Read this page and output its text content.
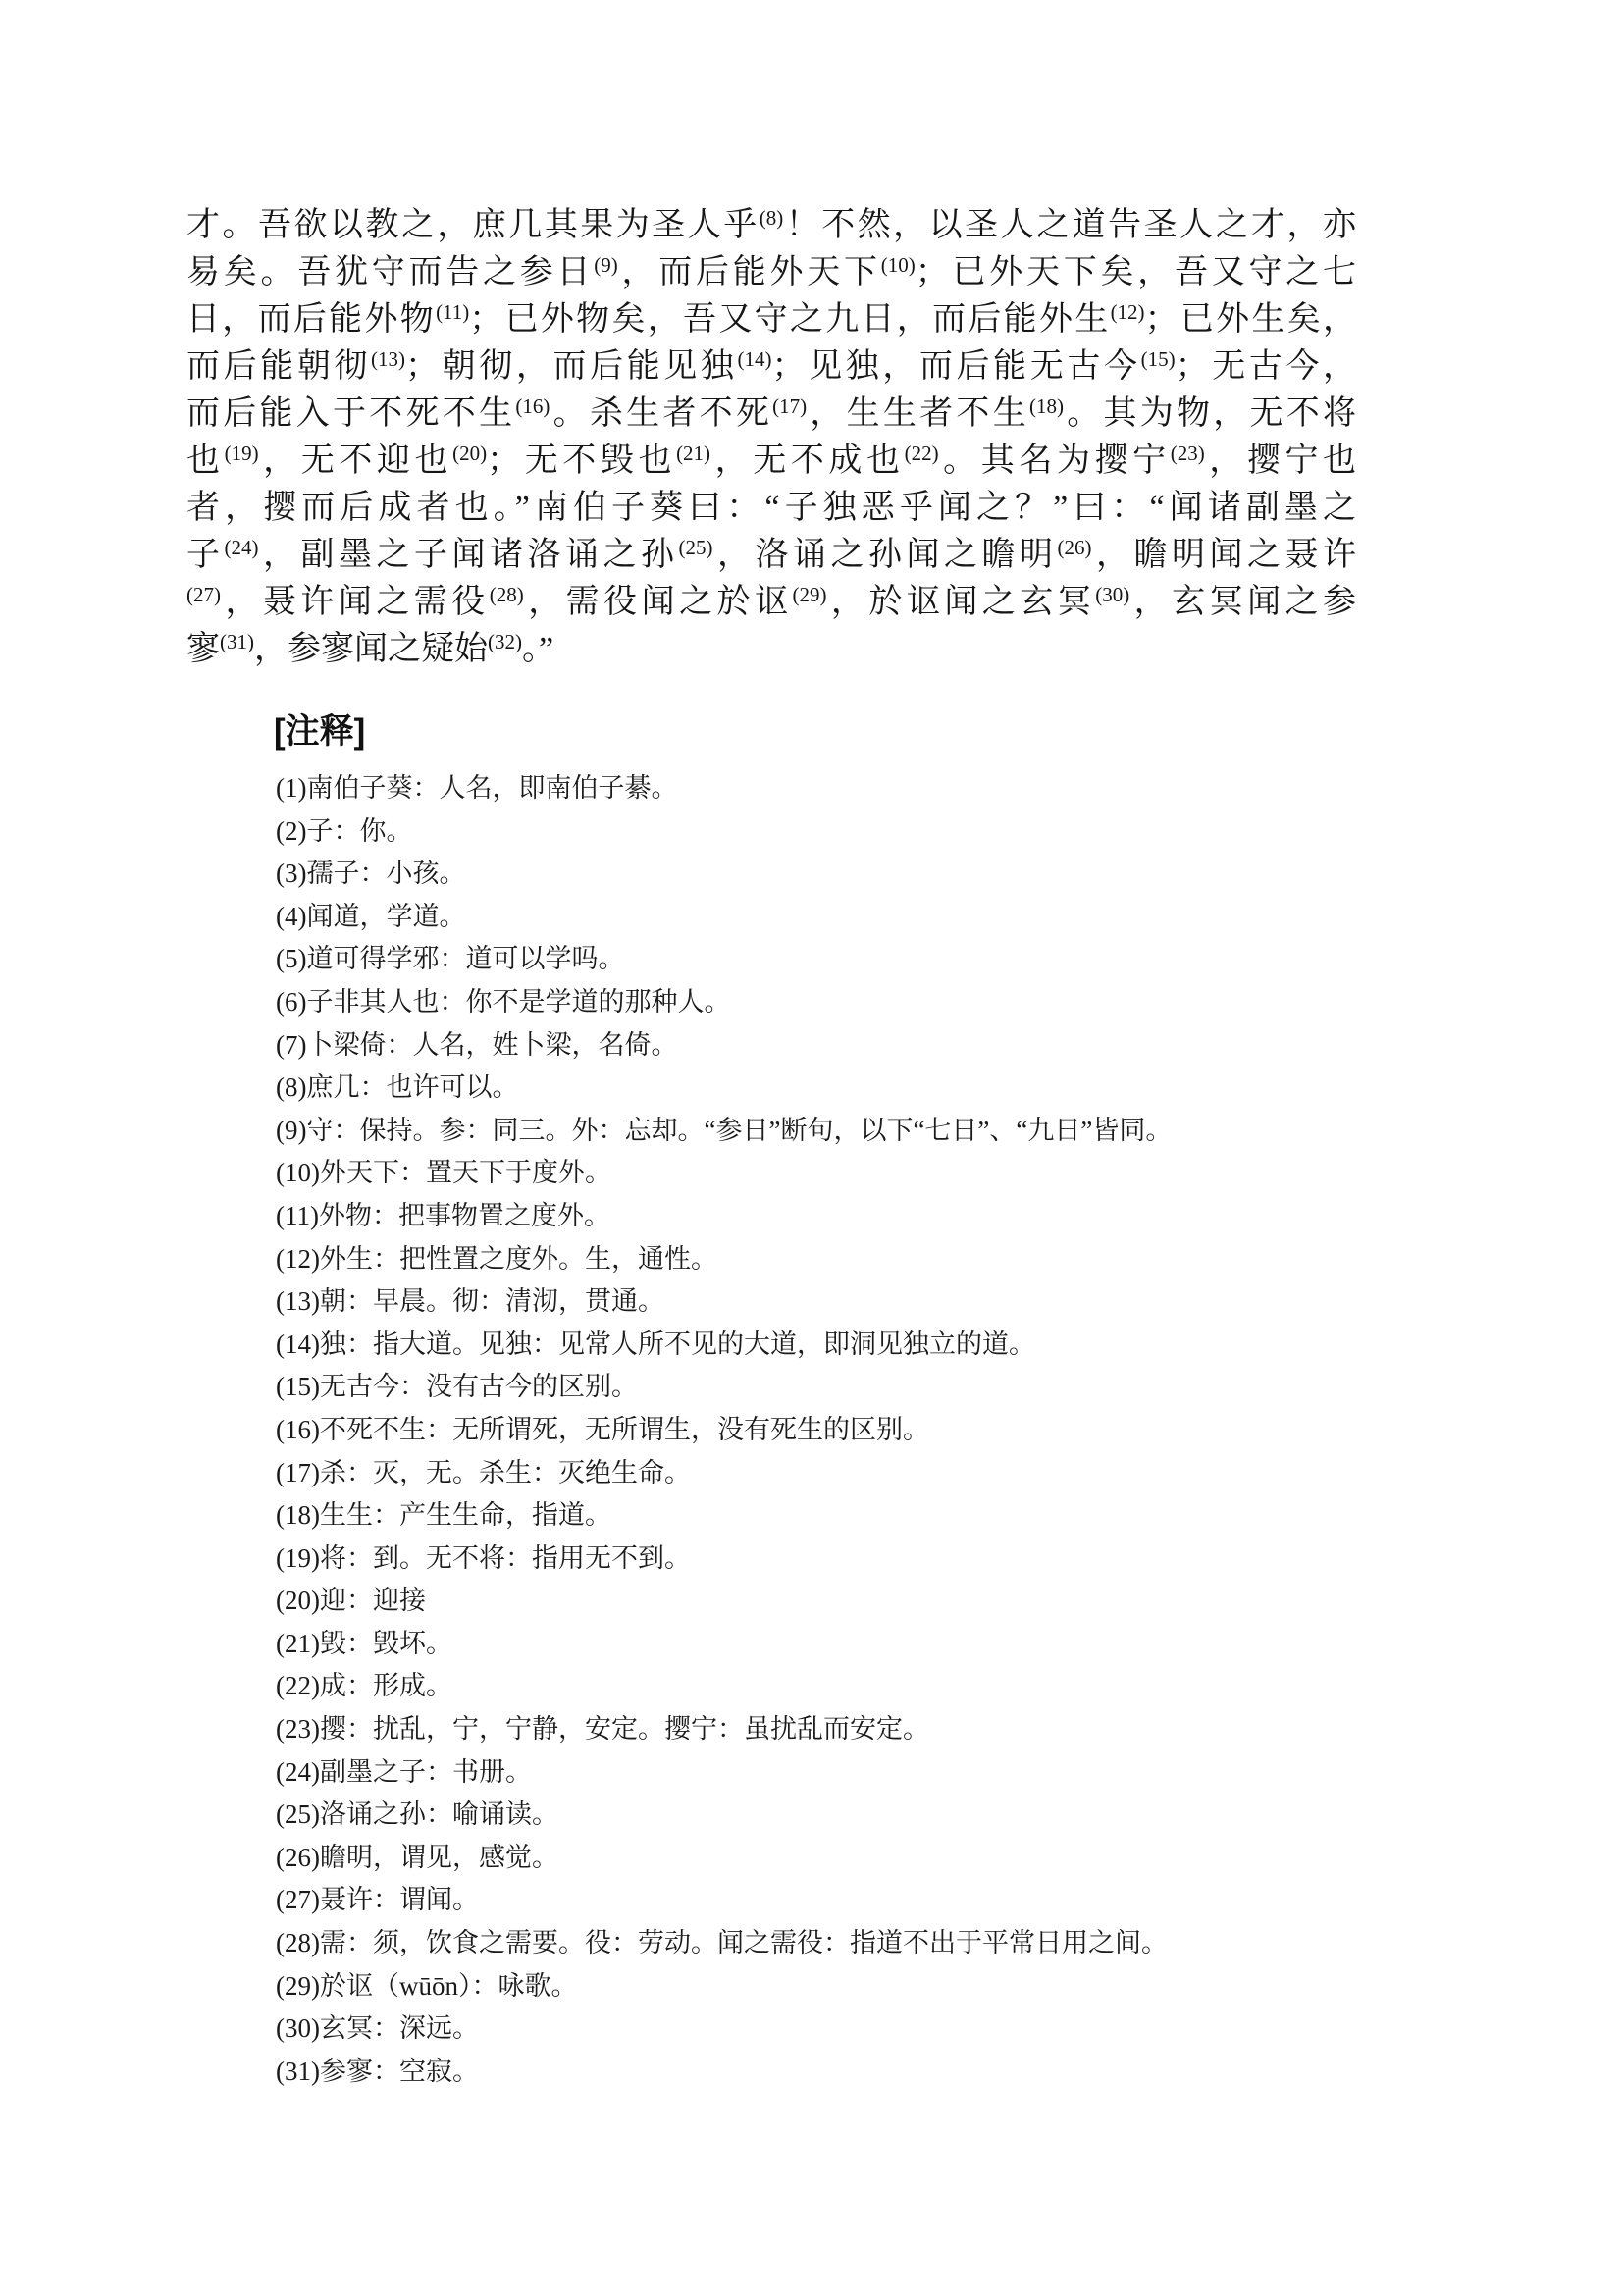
才。吾欲以教之，庶几其果为圣人乎$^{(8)}$！不然，以圣人之道告圣人之才，亦
易矣。吾犹守而告之参日$^{(9)}$，而后能外天下$^{(10)}$；已外天下矣，吾又守之七
日，而后能外物$^{(11)}$；已外物矣，吾又守之九日，而后能外生$^{(12)}$；已外生矣，
而后能朝彻$^{(13)}$；朝彻，而后能见独$^{(14)}$；见独，而后能无古今$^{(15)}$；无古今，
而后能入于不死不生$^{(16)}$。杀生者不死$^{(17)}$，生生者不生$^{(18)}$。其为物，无不将
也$^{(19)}$，无不迎也$^{(20)}$；无不毁也$^{(21)}$，无不成也$^{(22)}$。其名为撄宁$^{(23)}$，撄宁也
者，撄而后成者也。”南伯子葵曰：“子独恶乎闻之？”曰：“闻诸副墨之
子$^{(24)}$，副墨之子闻诸洛诵之孙$^{(25)}$，洛诵之孙闻之瞻明$^{(26)}$，瞻明闻之聂许
$^{(27)}$，聂许闻之需役$^{(28)}$，需役闻之於讴$^{(29)}$，於讴闻之玄冥$^{(30)}$，玄冥闻之参
寥$^{(31)}$，参寥闻之疑始$^{(32)}$。”
[注释]
(1)南伯子葵：人名，即南伯子綦。
(2)子：你。
(3)孺子：小孩。
(4)闻道，学道。
(5)道可得学邪：道可以学吗。
(6)子非其人也：你不是学道的那种人。
(7)卜梁倚：人名，姓卜梁，名倚。
(8)庶几：也许可以。
(9)守：保持。参：同三。外：忘却。“参日”断句，以下“七日”、“九日”皆同。
(10)外天下：置天下于度外。
(11)外物：把事物置之度外。
(12)外生：把性置之度外。生，通性。
(13)朝：早晨。彻：清沏，贯通。
(14)独：指大道。见独：见常人所不见的大道，即洞见独立的道。
(15)无古今：没有古今的区别。
(16)不死不生：无所谓死，无所谓生，没有死生的区别。
(17)杀：灭，无。杀生：灭绝生命。
(18)生生：产生生命，指道。
(19)将：到。无不将：指用无不到。
(20)迎：迎接
(21)毁：毁坏。
(22)成：形成。
(23)撄：扰乱，宁，宁静，安定。撄宁：虽扰乱而安定。
(24)副墨之子：书册。
(25)洛诵之孙：喻诵读。
(26)瞻明，谓见，感觉。
(27)聂许：谓闻。
(28)需：须，饮食之需要。役：劳动。闻之需役：指道不出于平常日用之间。
(29)於讴（wūōn）：咏歌。
(30)玄冥：深远。
(31)参寥：空寂。
